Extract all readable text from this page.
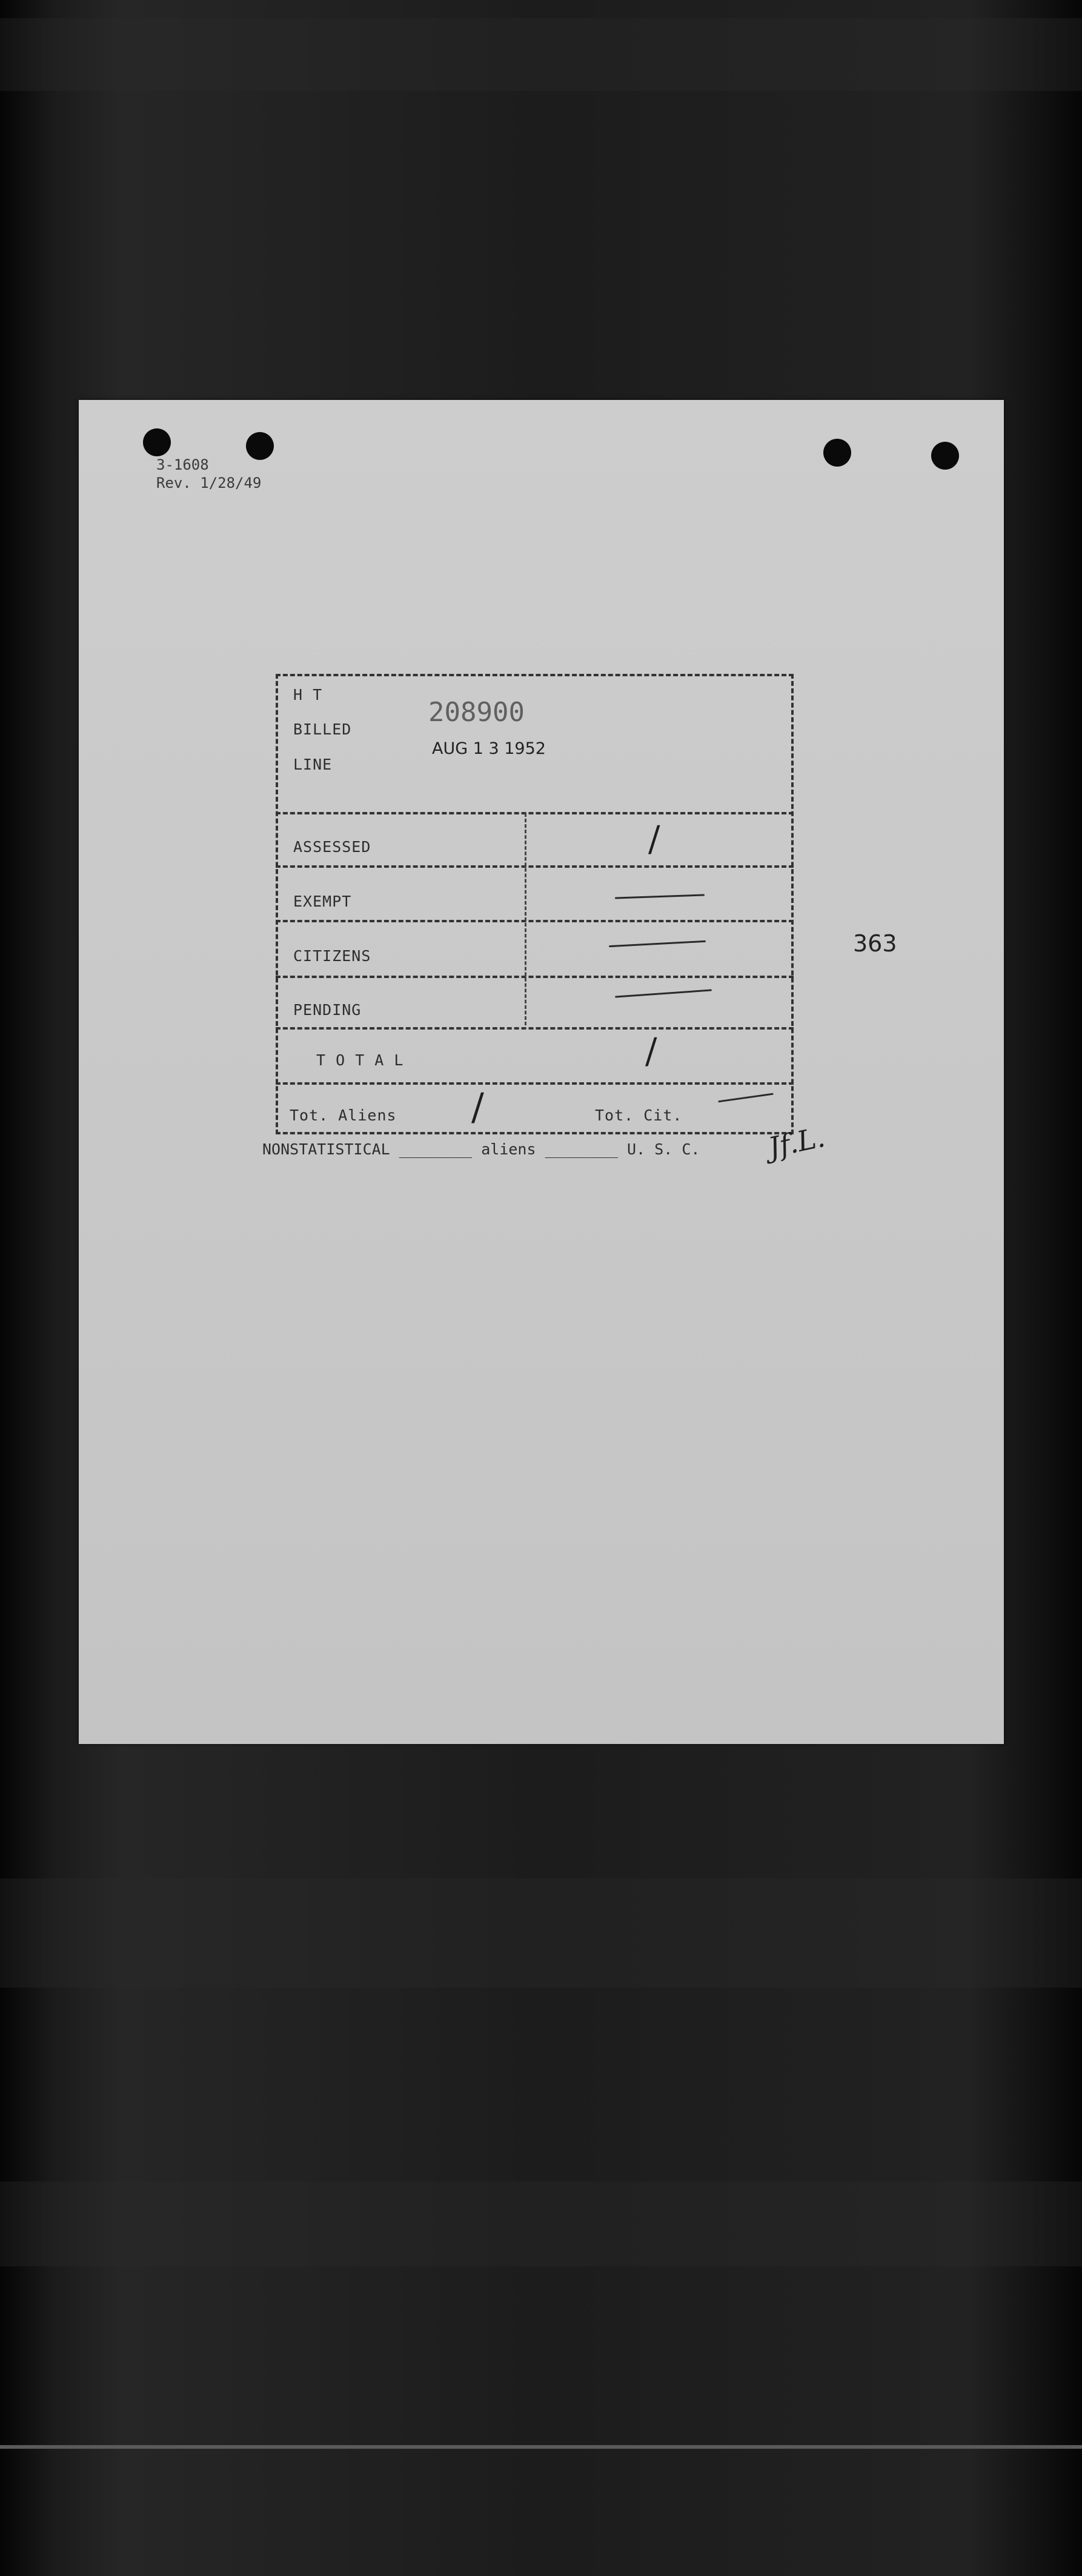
3-1608
Rev. 1/28/49
H T
BILLED
LINE
208900
AUG 1 3 1952
ASSESSED	/
EXEMPT
CITIZENS
PENDING
T O T A L	/
Tot. Aliens /	Tot. Cit.
NONSTATISTICAL ________ aliens ________ U. S. C. Jf.L.
363
